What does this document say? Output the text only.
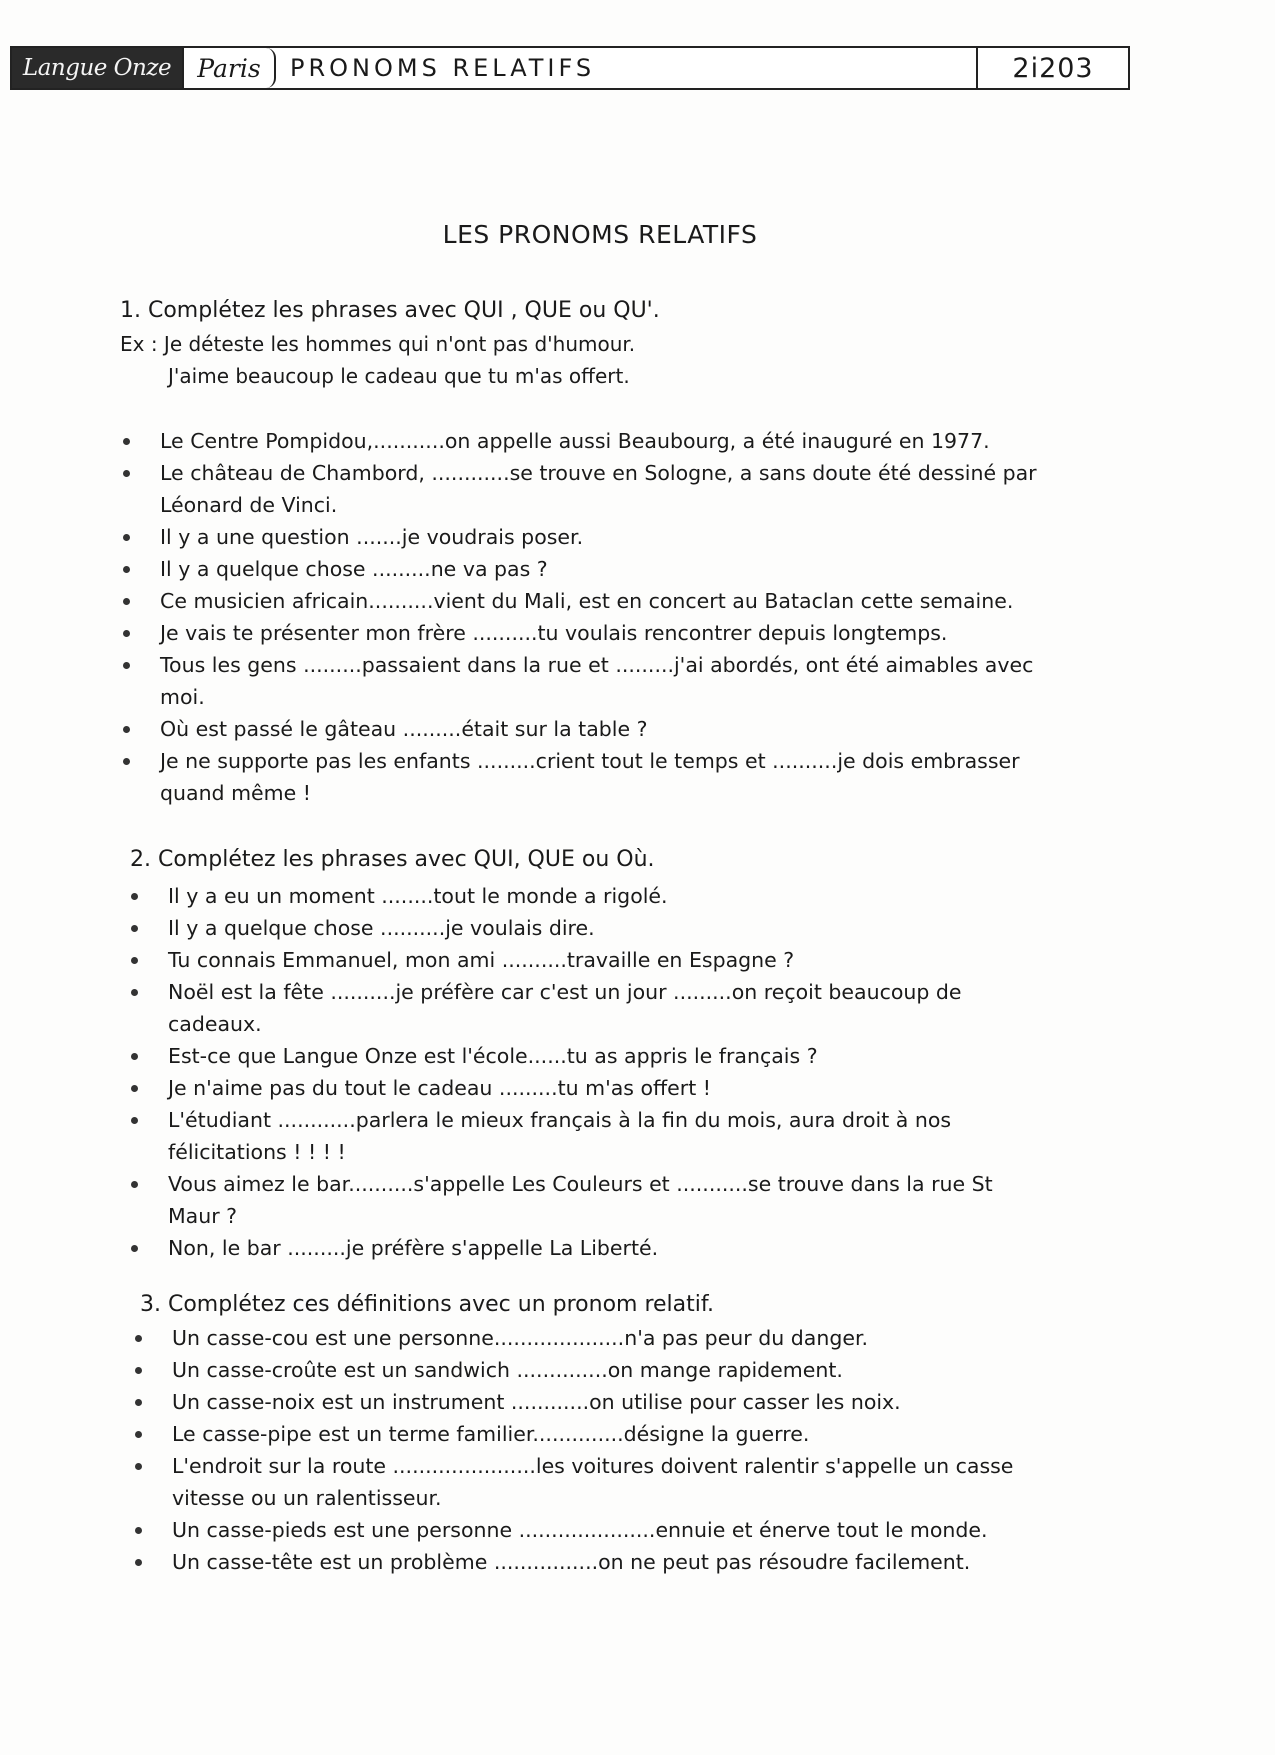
Langue Onze	Paris	PRONOMS RELATIFS	2i203
LES PRONOMS RELATIFS
1. Complétez les phrases avec QUI , QUE ou QU'.
Ex : Je déteste les hommes qui n'ont pas d'humour.
J'aime beaucoup le cadeau que tu m'as offert.
Le Centre Pompidou,...........on appelle aussi Beaubourg, a été inauguré en 1977.
Le château de Chambord, ............se trouve en Sologne, a sans doute été dessiné par
Léonard de Vinci.
Il y a une question .......je voudrais poser.
Il y a quelque chose .........ne va pas ?
Ce musicien africain..........vient du Mali, est en concert au Bataclan cette semaine.
Je vais te présenter mon frère ..........tu voulais rencontrer depuis longtemps.
Tous les gens .........passaient dans la rue et .........j'ai abordés, ont été aimables avec
moi.
Où est passé le gâteau .........était sur la table ?
Je ne supporte pas les enfants .........crient tout le temps et ..........je dois embrasser
quand même !
2. Complétez les phrases avec QUI, QUE ou Où.
Il y a eu un moment ........tout le monde a rigolé.
Il y a quelque chose ..........je voulais dire.
Tu connais Emmanuel, mon ami ..........travaille en Espagne ?
Noël est la fête ..........je préfère car c'est un jour .........on reçoit beaucoup de
cadeaux.
Est-ce que Langue Onze est l'école......tu as appris le français ?
Je n'aime pas du tout le cadeau .........tu m'as offert !
L'étudiant ............parlera le mieux français à la fin du mois, aura droit à nos
félicitations ! ! ! !
Vous aimez le bar..........s'appelle Les Couleurs et ...........se trouve dans la rue St
Maur ?
Non, le bar .........je préfère s'appelle La Liberté.
3. Complétez ces définitions avec un pronom relatif.
Un casse-cou est une personne....................n'a pas peur du danger.
Un casse-croûte est un sandwich ..............on mange rapidement.
Un casse-noix est un instrument ............on utilise pour casser les noix.
Le casse-pipe est un terme familier..............désigne la guerre.
L'endroit sur la route ......................les voitures doivent ralentir s'appelle un casse
vitesse ou un ralentisseur.
Un casse-pieds est une personne .....................ennuie et énerve tout le monde.
Un casse-tête est un problème ................on ne peut pas résoudre facilement.
